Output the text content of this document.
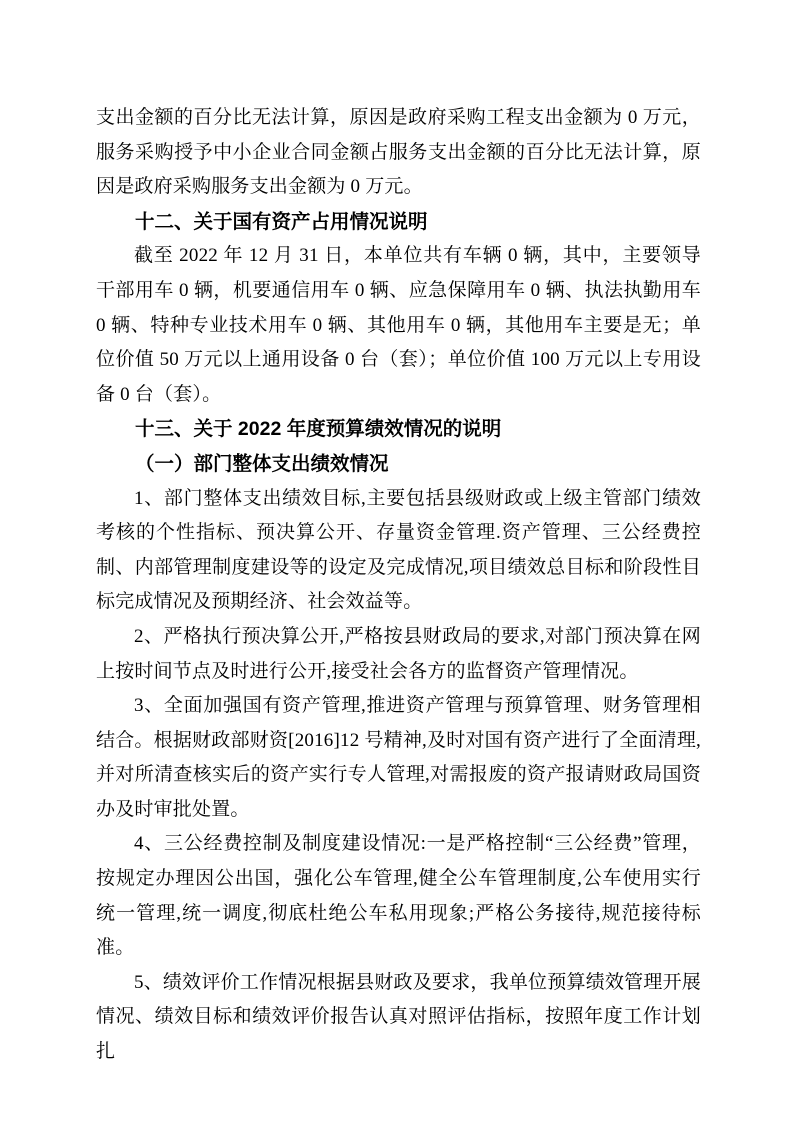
支出金额的百分比无法计算，原因是政府采购工程支出金额为 0 万元，服务采购授予中小企业合同金额占服务支出金额的百分比无法计算，原因是政府采购服务支出金额为 0 万元。

十二、关于国有资产占用情况说明

截至 2022 年 12 月 31 日，本单位共有车辆 0 辆，其中，主要领导干部用车 0 辆，机要通信用车 0 辆、应急保障用车 0 辆、执法执勤用车 0 辆、特种专业技术用车 0 辆、其他用车 0 辆，其他用车主要是无；单位价值 50 万元以上通用设备 0 台（套）；单位价值 100 万元以上专用设备 0 台（套）。

十三、关于 2022 年度预算绩效情况的说明

（一）部门整体支出绩效情况

1、部门整体支出绩效目标,主要包括县级财政或上级主管部门绩效考核的个性指标、预决算公开、存量资金管理.资产管理、三公经费控制、内部管理制度建设等的设定及完成情况,项目绩效总目标和阶段性目标完成情况及预期经济、社会效益等。

2、严格执行预决算公开,严格按县财政局的要求,对部门预决算在网上按时间节点及时进行公开,接受社会各方的监督资产管理情况。

3、全面加强国有资产管理,推进资产管理与预算管理、财务管理相结合。根据财政部财资[2016]12 号精神,及时对国有资产进行了全面清理,并对所清查核实后的资产实行专人管理,对需报废的资产报请财政局国资办及时审批处置。

4、三公经费控制及制度建设情况:一是严格控制“三公经费”管理，按规定办理因公出国，强化公车管理,健全公车管理制度,公车使用实行统一管理,统一调度,彻底杜绝公车私用现象;严格公务接待,规范接待标准。

5、绩效评价工作情况根据县财政及要求，我单位预算绩效管理开展情况、绩效目标和绩效评价报告认真对照评估指标，按照年度工作计划扎
